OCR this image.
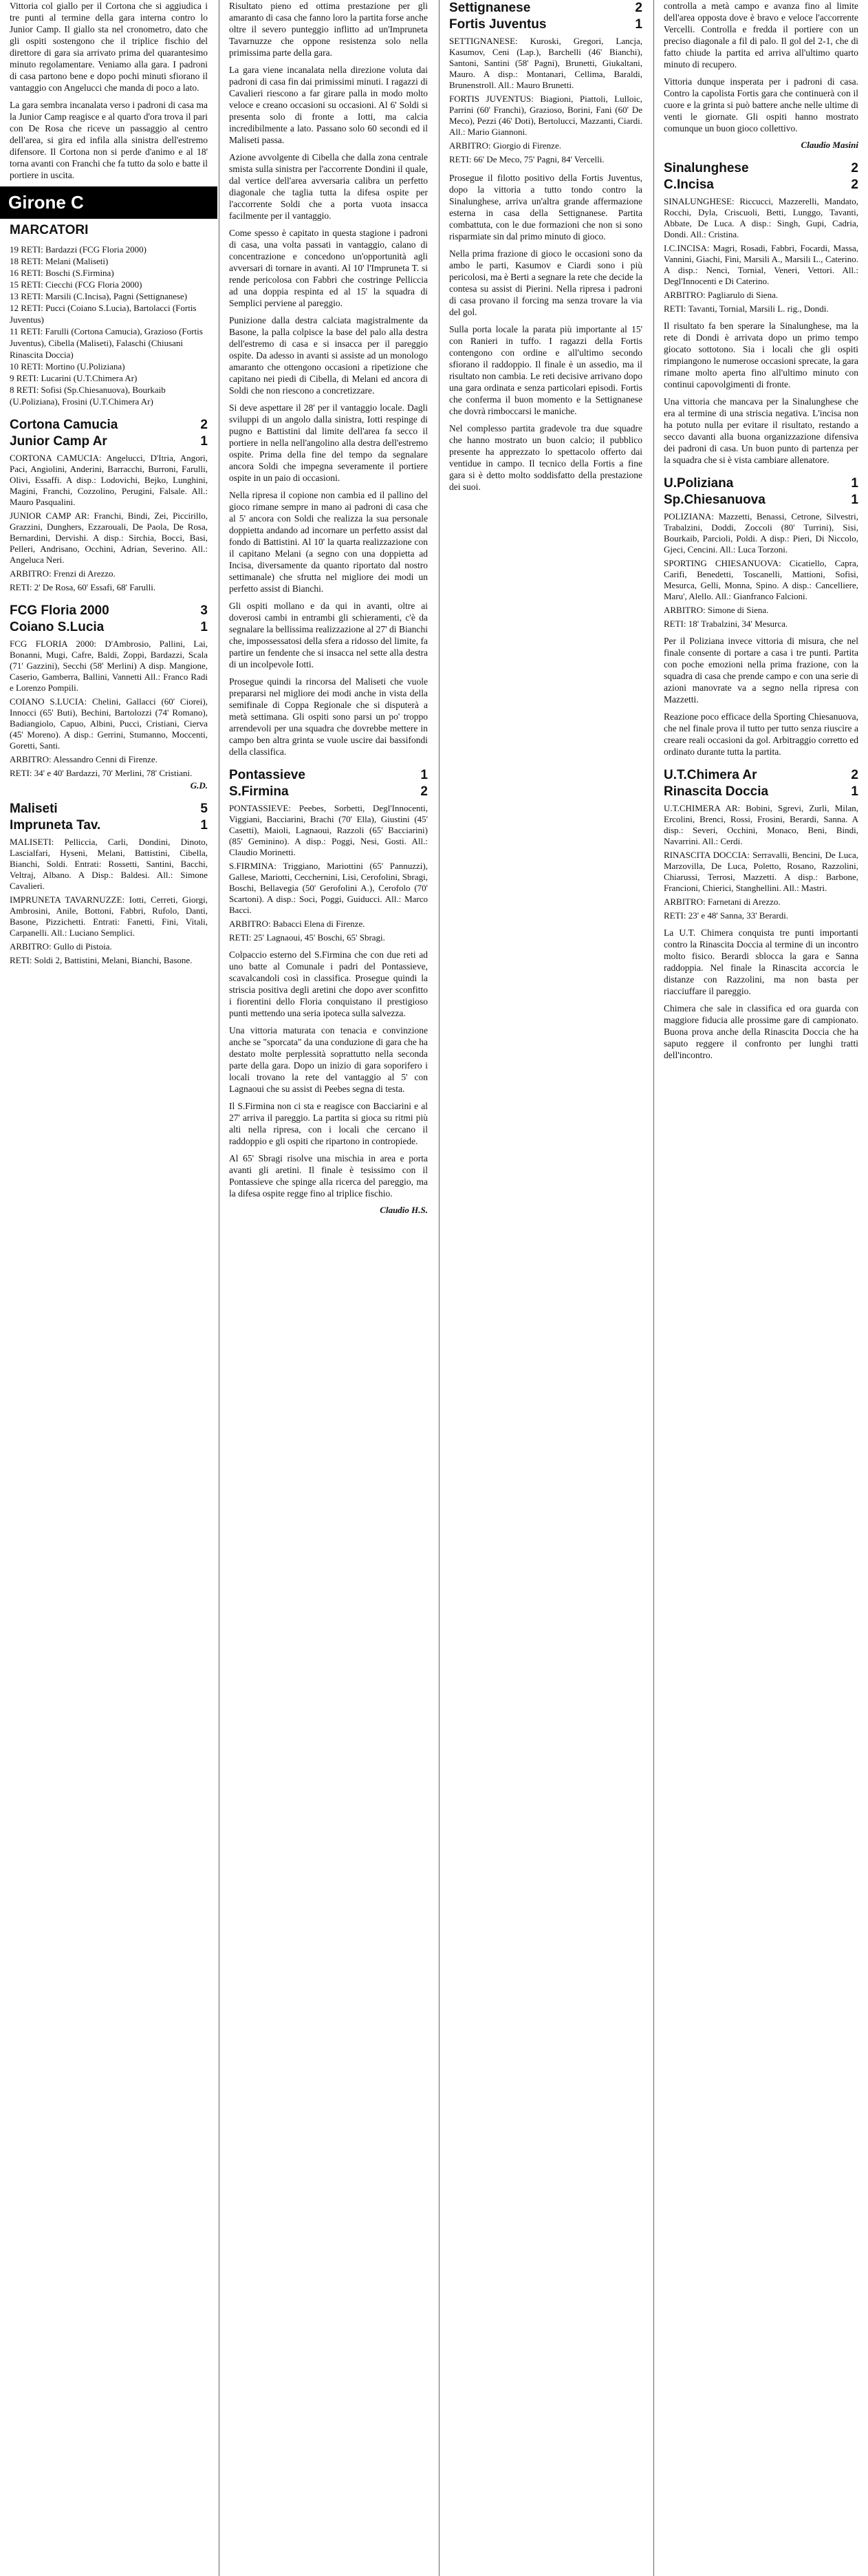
Vittoria col giallo per il Cortona che si aggiudica i tre punti al termine della gara interna contro lo Junior Camp. Il giallo sta nel cronometro, dato che gli ospiti sostengono che il triplice fischio del direttore di gara sia arrivato prima del quarantesimo minuto regolamentare. Veniamo alla gara. I padroni di casa partono bene e dopo pochi minuti sfiorano il vantaggio con Angelucci che manda di poco a lato.

La gara sembra incanalata verso i padroni di casa ma la Junior Camp reagisce e al quarto d'ora trova il pari con De Rosa che riceve un passaggio al centro dell'area, si gira ed infila alla sinistra dell'estremo difensore. Il Cortona non si perde d'animo e al 18' torna avanti con Franchi che fa tutto da solo e batte il portiere in uscita.

Girone C
MARCATORI
19 RETI: Bardazzi (FCG Floria 2000)
18 RETI: Melani (Maliseti)
16 RETI: Boschi (S.Firmina)
15 RETI: Ciecchi (FCG Floria 2000)
13 RETI: Marsili (C.Incisa), Pagni (Settignanese)
12 RETI: Pucci (Coiano S.Lucia), Bartolacci (Fortis Juventus)
11 RETI: Farulli (Cortona Camucia), Grazioso (Fortis Juventus), Cibella (Maliseti), Falaschi (Chiusani Rinascita Doccia)
10 RETI: Mortino (U.Poliziana)
9 RETI: Lucarini (U.T.Chimera Ar)
8 RETI: Sofisi (Sp.Chiesanuova), Bourkaib (U.Poliziana), Frosini (U.T.Chimera Ar)
Cortona Camucia	2
Junior Camp Ar	1
CORTONA CAMUCIA: Angelucci, D'Itria, Angori, Paci, Angiolini, Anderini, Barracchi, Burroni, Farulli, Olivi, Essaffi. A disp.: Lodovichi, Bejko, Lunghini, Magini, Franchi, Cozzolino, Perugini, Falsale. All.: Mauro Pasqualini.
JUNIOR CAMP AR: Franchi, Bindi, Zei, Piccirillo, Grazzini, Dunghers, Ezzarouali, De Paola, De Rosa, Bernardini, Dervishi. A disp.: Sirchia, Bocci, Basi, Pelleri, Andrisano, Occhini, Adrian, Severino. All.: Angeluca Neri.
ARBITRO: Frenzi di Arezzo.
RETI: 2' De Rosa, 60' Essafi, 68' Farulli.
FCG Floria 2000	3
Coiano S.Lucia	1
FCG FLORIA 2000: D'Ambrosio, Pallini, Lai, Bonanni, Mugi, Cafre, Baldi, Zoppi, Bardazzi, Scala (71' Gazzini), Secchi (58' Merlini) A disp. Mangione, Caserio, Gamberra, Ballini, Vannetti All.: Franco Radi e Lorenzo Pompili.
COIANO S.LUCIA: Chelini, Gallacci (60' Ciorei), Innocci (65' Buti), Bechini, Bartolozzi (74' Romano), Badiangiolo, Capuo, Albini, Pucci, Cristiani, Cierva (45' Moreno). A disp.: Gerrini, Stumanno, Moccenti, Goretti, Santi.
ARBITRO: Alessandro Cenni di Firenze.
RETI: 34' e 40' Bardazzi, 70' Merlini, 78' Cristiani.
G.D.
Maliseti	5
Impruneta Tav.	1
MALISETI: Pelliccia, Carli, Dondini, Dinoto, Lascialfari, Hyseni, Melani, Battistini, Cibella, Bianchi, Soldi. Entrati: Rossetti, Santini, Bacchi, Veltraj, Albano. A Disp.: Baldesi. All.: Simone Cavalieri.
IMPRUNETA TAVARNUZZE: Iotti, Cerreti, Giorgi, Ambrosini, Anile, Bottoni, Fabbri, Rufolo, Danti, Basone, Pizzichetti. Entrati: Fanetti, Fini, Vitali, Carpanelli. All.: Luciano Semplici.
ARBITRO: Gullo di Pistoia.
RETI: Soldi 2, Battistini, Melani, Bianchi, Basone.

Risultato pieno ed ottima prestazione per gli amaranto di casa che fanno loro la partita forse anche oltre il severo punteggio inflitto ad un'Impruneta Tavarnuzze che oppone resistenza solo nella primissima parte della gara.

La gara viene incanalata nella direzione voluta dai padroni di casa fin dai primissimi minuti. I ragazzi di Cavalieri riescono a far girare palla in modo molto veloce e creano occasioni su occasioni. Al 6' Soldi si presenta solo di fronte a Iotti, ma calcia incredibilmente a lato. Passano solo 60 secondi ed il Maliseti passa.

Azione avvolgente di Cibella che dalla zona centrale smista sulla sinistra per l'accorrente Dondini il quale, dal vertice dell'area avversaria calibra un perfetto diagonale che taglia tutta la difesa ospite per l'accorrente Soldi che a porta vuota insacca facilmente per il vantaggio.

Come spesso è capitato in questa stagione i padroni di casa, una volta passati in vantaggio, calano di concentrazione e concedono un'opportunità agli avversari di tornare in avanti. Al 10' l'Impruneta T. si rende pericolosa con Fabbri che costringe Pelliccia ad una doppia respinta ed al 15' la squadra di Semplici perviene al pareggio.

Punizione dalla destra calciata magistralmente da Basone, la palla colpisce la base del palo alla destra dell'estremo di casa e si insacca per il pareggio ospite. Da adesso in avanti si assiste ad un monologo amaranto che ottengono occasioni a ripetizione che capitano nei piedi di Cibella, di Melani ed ancora di Soldi che non riescono a concretizzare.

Si deve aspettare il 28' per il vantaggio locale. Dagli sviluppi di un angolo dalla sinistra, Iotti respinge di pugno e Battistini dal limite dell'area fa secco il portiere in nella nell'angolino alla destra dell'estremo ospite. Prima della fine del tempo da segnalare ancora Soldi che impegna severamente il portiere ospite in un paio di occasioni.

Nella ripresa il copione non cambia ed il pallino del gioco rimane sempre in mano ai padroni di casa che al 5' ancora con Soldi che realizza la sua personale doppietta andando ad incornare un perfetto assist dal fondo di Battistini. Al 10' la quarta realizzazione con il capitano Melani (a segno con una doppietta ad Incisa, diversamente da quanto riportato dal nostro settimanale) che sfrutta nel migliore dei modi un perfetto assist di Bianchi.

Gli ospiti mollano e da qui in avanti, oltre ai doverosi cambi in entrambi gli schieramenti, c'è da segnalare la bellissima realizzazione al 27' di Bianchi che, impossessatosi della sfera a ridosso del limite, fa partire un fendente che si insacca nel sette alla destra di un incolpevole Iotti.

Prosegue quindi la rincorsa del Maliseti che vuole prepararsi nel migliore dei modi anche in vista della semifinale di Coppa Regionale che si disputerà a metà settimana. Gli ospiti sono parsi un po' troppo arrendevoli per una squadra che dovrebbe mettere in campo ben altra grinta se vuole uscire dai bassifondi della classifica.

Pontassieve	1
S.Firmina	2
PONTASSIEVE: Peebes, Sorbetti, Degl'Innocenti, Viggiani, Bacciarini, Brachi (70' Ella), Giustini (45' Casetti), Maioli, Lagnaoui, Razzoli (65' Bacciarini) (85' Geminino). A disp.: Poggi, Nesi, Gosti. All.: Claudio Morinetti.
S.FIRMINA: Triggiano, Mariottini (65' Pannuzzi), Gallese, Mariotti, Cecchernini, Lisi, Cerofolini, Sbragi, Boschi, Bellavegia (50' Gerofolini A.), Cerofolo (70' Scartoni). A disp.: Soci, Poggi, Guiducci. All.: Marco Bacci.
ARBITRO: Babacci Elena di Firenze.
RETI: 25' Lagnaoui, 45' Boschi, 65' Sbragi.

Colpaccio esterno del S.Firmina che con due reti ad uno batte al Comunale i padri del Pontassieve, scavalcandoli così in classifica. Prosegue quindi la striscia positiva degli aretini che dopo aver sconfitto i fiorentini dello Floria conquistano il prestigioso punti mettendo una seria ipoteca sulla salvezza.

Una vittoria maturata con tenacia e convinzione anche se "sporcata" da una conduzione di gara che ha destato molte perplessità soprattutto nella seconda parte della gara. Dopo un inizio di gara soporifero i locali trovano la rete del vantaggio al 5' con Lagnaoui che su assist di Peebes segna di testa.

Il S.Firmina non ci sta e reagisce con Bacciarini e al 27' arriva il pareggio. La partita si gioca su ritmi più alti nella ripresa, con i locali che cercano il raddoppio e gli ospiti che ripartono in contropiede.

Al 65' Sbragi risolve una mischia in area e porta avanti gli aretini. Il finale è tesissimo con il Pontassieve che spinge alla ricerca del pareggio, ma la difesa ospite regge fino al triplice fischio.

Claudio H.S.
Settignanese	2
Fortis Juventus	1
SETTIGNANESE: Kuroski, Gregori, Lancja, Kasumov, Ceni (Lap.), Barchelli (46' Bianchi), Santoni, Santini (58' Pagni), Brunetti, Giukaltani, Mauro. A disp.: Montanari, Cellima, Baraldi, Brunenstroll. All.: Mauro Brunetti.
FORTIS JUVENTUS: Biagioni, Piattoli, Lulloic, Parrini (60' Franchi), Grazioso, Borini, Fani (60' De Meco), Pezzi (46' Doti), Bertolucci, Mazzanti, Ciardi. All.: Mario Giannoni.
ARBITRO: Giorgio di Firenze.
RETI: 66' De Meco, 75' Pagni, 84' Vercelli.

Prosegue il filotto positivo della Fortis Juventus, dopo la vittoria a tutto tondo contro la Sinalunghese, arriva un'altra grande affermazione esterna in casa della Settignanese. Partita combattuta, con le due formazioni che non si sono risparmiate sin dal primo minuto di gioco.

Nella prima frazione di gioco le occasioni sono da ambo le parti, Kasumov e Ciardi sono i più pericolosi, ma è Berti a segnare la rete che decide la contesa su assist di Pierini. Nella ripresa i padroni di casa provano il forcing ma senza trovare la via del gol.

Sulla porta locale la parata più importante al 15' con Ranieri in tuffo. I ragazzi della Fortis contengono con ordine e all'ultimo secondo sfiorano il raddoppio. Il finale è un assedio, ma il risultato non cambia. Le reti decisive arrivano dopo una gara ordinata e senza particolari episodi. Fortis che conferma il buon momento e la Settignanese che dovrà rimboccarsi le maniche.

Nel complesso partita gradevole tra due squadre che hanno mostrato un buon calcio; il pubblico presente ha apprezzato lo spettacolo offerto dai ventidue in campo. Il tecnico della Fortis a fine gara si è detto molto soddisfatto della prestazione dei suoi.

controlla a metà campo e avanza fino al limite dell'area opposta dove è bravo e veloce l'accorrente Vercelli. Controlla e fredda il portiere con un preciso diagonale a fil di palo. Il gol del 2-1, che di fatto chiude la partita ed arriva all'ultimo quarto minuto di recupero.

Vittoria dunque insperata per i padroni di casa. Contro la capolista Fortis gara che continuerà con il cuore e la grinta si può battere anche nelle ultime di venti le giornate. Gli ospiti hanno mostrato comunque un buon gioco collettivo.

Claudio Masini
Sinalunghese	2
C.Incisa	2
SINALUNGHESE: Riccucci, Mazzerelli, Mandato, Rocchi, Dyla, Criscuoli, Betti, Lunggo, Tavanti, Abbate, De Luca. A disp.: Singh, Gupi, Cadria, Dondi. All.: Cristina.
I.C.INCISA: Magri, Rosadi, Fabbri, Focardi, Massa, Vannini, Giachi, Fini, Marsili A., Marsili L., Caterino. A disp.: Nenci, Tornial, Veneri, Vettori. All.: Degl'Innocenti e Di Caterino.
ARBITRO: Pagliarulo di Siena.
RETI: Tavanti, Tornial, Marsili L. rig., Dondi.

Il risultato fa ben sperare la Sinalunghese, ma la rete di Dondi è arrivata dopo un primo tempo giocato sottotono. Sia i locali che gli ospiti rimpiangono le numerose occasioni sprecate, la gara rimane molto aperta fino all'ultimo minuto con continui capovolgimenti di fronte.

Una vittoria che mancava per la Sinalunghese che era al termine di una striscia negativa. L'incisa non ha potuto nulla per evitare il risultato, restando a secco davanti alla buona organizzazione difensiva dei padroni di casa. Un buon punto di partenza per la squadra che si è vista cambiare allenatore.

U.Poliziana	1
Sp.Chiesanuova	1
POLIZIANA: Mazzetti, Benassi, Cetrone, Silvestri, Trabalzini, Doddi, Zoccoli (80' Turrini), Sisi, Bourkaib, Parcioli, Poldi. A disp.: Pieri, Di Niccolo, Gjeci, Cencini. All.: Luca Torzoni.
SPORTING CHIESANUOVA: Cicatiello, Capra, Carifi, Benedetti, Toscanelli, Mattioni, Sofisi, Mesurca, Gelli, Monna, Spino. A disp.: Cancelliere, Maru', Alello. All.: Gianfranco Falcioni.
ARBITRO: Simone di Siena.
RETI: 18' Trabalzini, 34' Mesurca.

Per il Poliziana invece vittoria di misura, che nel finale consente di portare a casa i tre punti. Partita con poche emozioni nella prima frazione, con la squadra di casa che prende campo e con una serie di azioni manovrate va a segno nella ripresa con Mazzetti.

Reazione poco efficace della Sporting Chiesanuova, che nel finale prova il tutto per tutto senza riuscire a creare reali occasioni da gol. Arbitraggio corretto ed ordinato durante tutta la partita.

U.T.Chimera Ar	2
Rinascita Doccia	1
U.T.CHIMERA AR: Bobini, Sgrevi, Zurli, Milan, Ercolini, Brenci, Rossi, Frosini, Berardi, Sanna. A disp.: Severi, Occhini, Monaco, Beni, Bindi, Navarrini. All.: Cerdi.
RINASCITA DOCCIA: Serravalli, Bencini, De Luca, Marzovilla, De Luca, Poletto, Rosano, Razzolini, Chiarussi, Terrosi, Mazzetti. A disp.: Barbone, Francioni, Chierici, Stanghellini. All.: Mastri.
ARBITRO: Farnetani di Arezzo.
RETI: 23' e 48' Sanna, 33' Berardi.

La U.T. Chimera conquista tre punti importanti contro la Rinascita Doccia al termine di un incontro molto fisico. Berardi sblocca la gara e Sanna raddoppia. Nel finale la Rinascita accorcia le distanze con Razzolini, ma non basta per riacciuffare il pareggio.

Chimera che sale in classifica ed ora guarda con maggiore fiducia alle prossime gare di campionato. Buona prova anche della Rinascita Doccia che ha saputo reggere il confronto per lunghi tratti dell'incontro.
